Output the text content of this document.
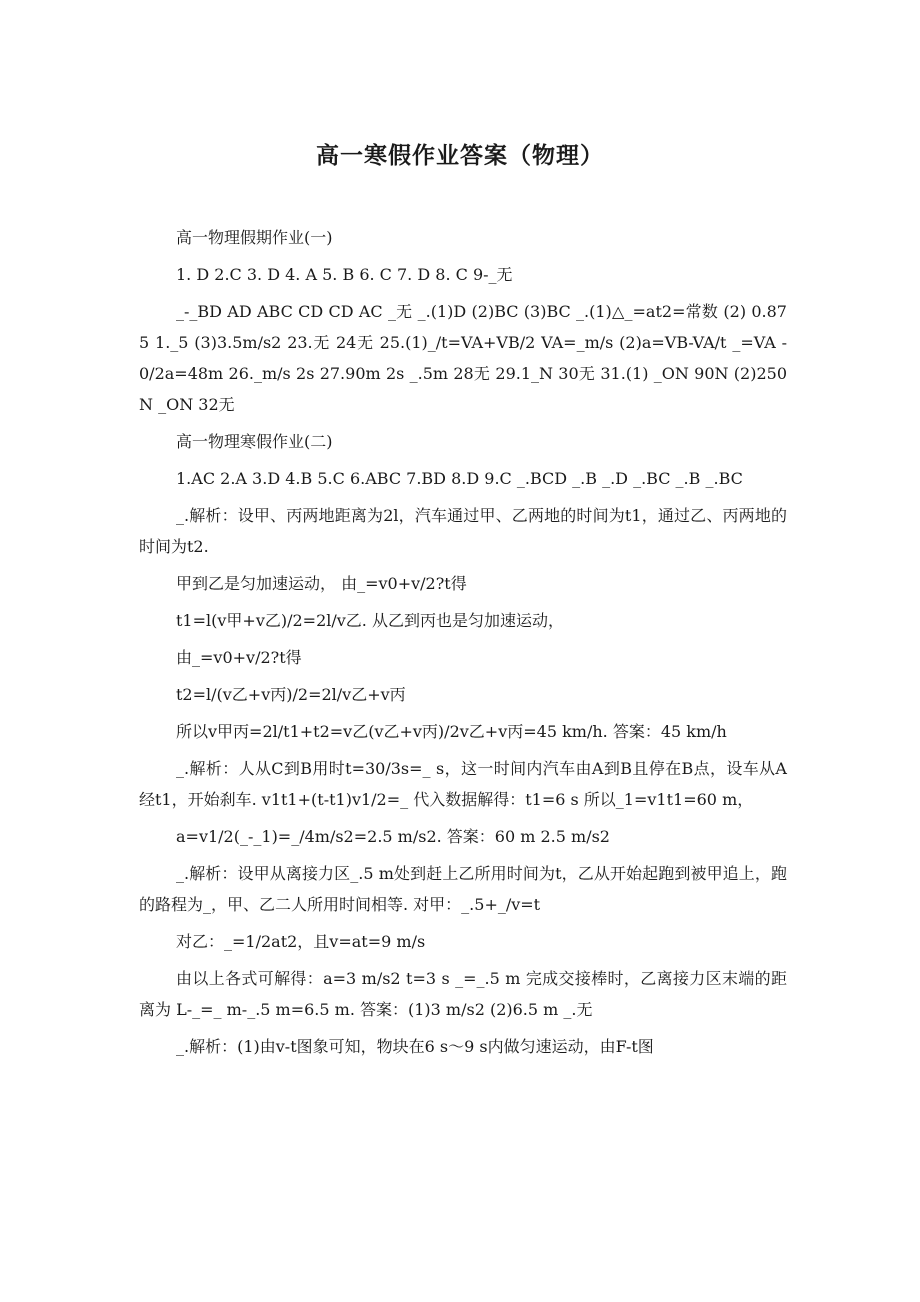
高一寒假作业答案（物理）

高一物理假期作业(一)

1. D 2.C 3. D 4. A 5. B 6. C 7. D 8. C 9-_无

_-_BD AD ABC CD CD AC _无 _.(1)D (2)BC (3)BC _.(1)△_=at2=常数 (2) 0.875 1._5 (3)3.5m/s2 23.无 24无 25.(1)_/t=VA+VB/2 VA=_m/s (2)a=VB-VA/t _=VA -0/2a=48m 26._m/s 2s 27.90m 2s _.5m 28无 29.1_N 30无 31.(1) _ON 90N (2)250N _ON 32无

高一物理寒假作业(二)

1.AC 2.A 3.D 4.B 5.C 6.ABC 7.BD 8.D 9.C _.BCD _.B _.D _.BC _.B _.BC

_.解析：设甲、丙两地距离为2l，汽车通过甲、乙两地的时间为t1，通过乙、丙两地的时间为t2.

甲到乙是匀加速运动， 由_=v0+v/2?t得

t1=l(v甲+v乙)/2=2l/v乙. 从乙到丙也是匀加速运动，

由_=v0+v/2?t得

t2=l/(v乙+v丙)/2=2l/v乙+v丙

所以v甲丙=2l/t1+t2=v乙(v乙+v丙)/2v乙+v丙=45 km/h. 答案：45 km/h

_.解析：人从C到B用时t=30/3s=_ s，这一时间内汽车由A到B且停在B点，设车从A经t1，开始刹车. v1t1+(t-t1)v1/2=_ 代入数据解得：t1=6 s 所以_1=v1t1=60 m，

a=v1/2(_-_1)=_/4m/s2=2.5 m/s2. 答案：60 m 2.5 m/s2

_.解析：设甲从离接力区_.5 m处到赶上乙所用时间为t，乙从开始起跑到被甲追上，跑的路程为_，甲、乙二人所用时间相等. 对甲：_.5+_/v=t

对乙：_=1/2at2，且v=at=9 m/s

由以上各式可解得：a=3 m/s2 t=3 s _=_.5 m 完成交接棒时，乙离接力区末端的距离为 L-_=_ m-_.5 m=6.5 m. 答案：(1)3 m/s2 (2)6.5 m _.无

_.解析：(1)由v-t图象可知，物块在6 s～9 s内做匀速运动，由F-t图
